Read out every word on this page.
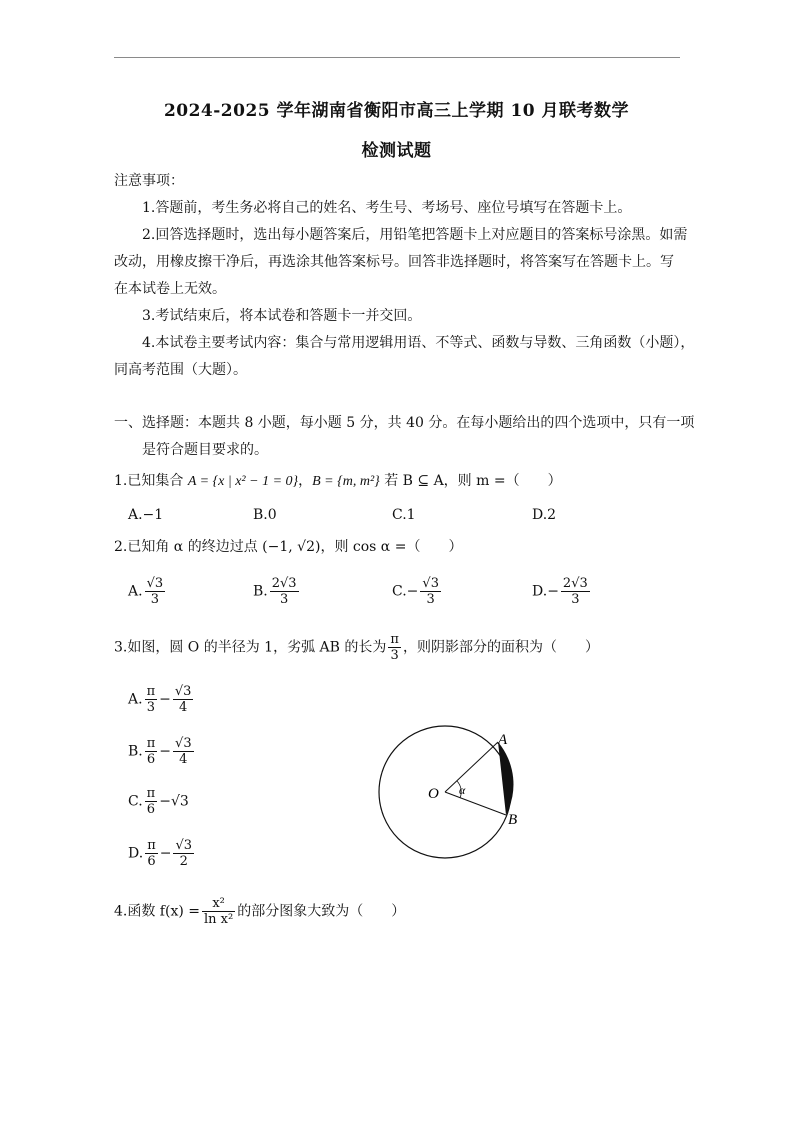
2024-2025 学年湖南省衡阳市高三上学期 10 月联考数学
检测试题
注意事项：
1.答题前，考生务必将自己的姓名、考生号、考场号、座位号填写在答题卡上。
2.回答选择题时，选出每小题答案后，用铅笔把答题卡上对应题目的答案标号涂黑。如需
改动，用橡皮擦干净后，再选涂其他答案标号。回答非选择题时，将答案写在答题卡上。写
在本试卷上无效。
3.考试结束后，将本试卷和答题卡一并交回。
4.本试卷主要考试内容：集合与常用逻辑用语、不等式、函数与导数、三角函数（小题），
同高考范围（大题）。
一、选择题：本题共 8 小题，每小题 5 分，共 40 分。在每小题给出的四个选项中，只有一项
是符合题目要求的。
1.已知集合 A = {x | x² − 1 = 0}，B = {m, m²} 若 B ⊆ A，则 m =（　　）
A.−1	B.0	C.1	D.2
2.已知角 α 的终边过点 (−1, √2)，则 cos α =（　　）
A. $\frac{√3}{3}$	B. $\frac{2√3}{3}$	$C.- \frac{√3}{3}$	$D.- \frac{2√3}{3}$
3.如图，圆 O 的半径为 1，劣弧 AB 的长为 $\frac{\pi}{3}$ ，则阴影部分的面积为（　　）
A. $\frac{\pi}{3} - \frac{√3}{4}$
B. $\frac{\pi}{6} - \frac{√3}{4}$
C. $\frac{\pi}{6} -√3$
D. $\frac{\pi}{6} - \frac{√3}{2}$
O α
A
B
4.函数 $f(x) = \frac{\text{x²}}{\text{ln x²}}$ 的部分图象大致为（　　）
